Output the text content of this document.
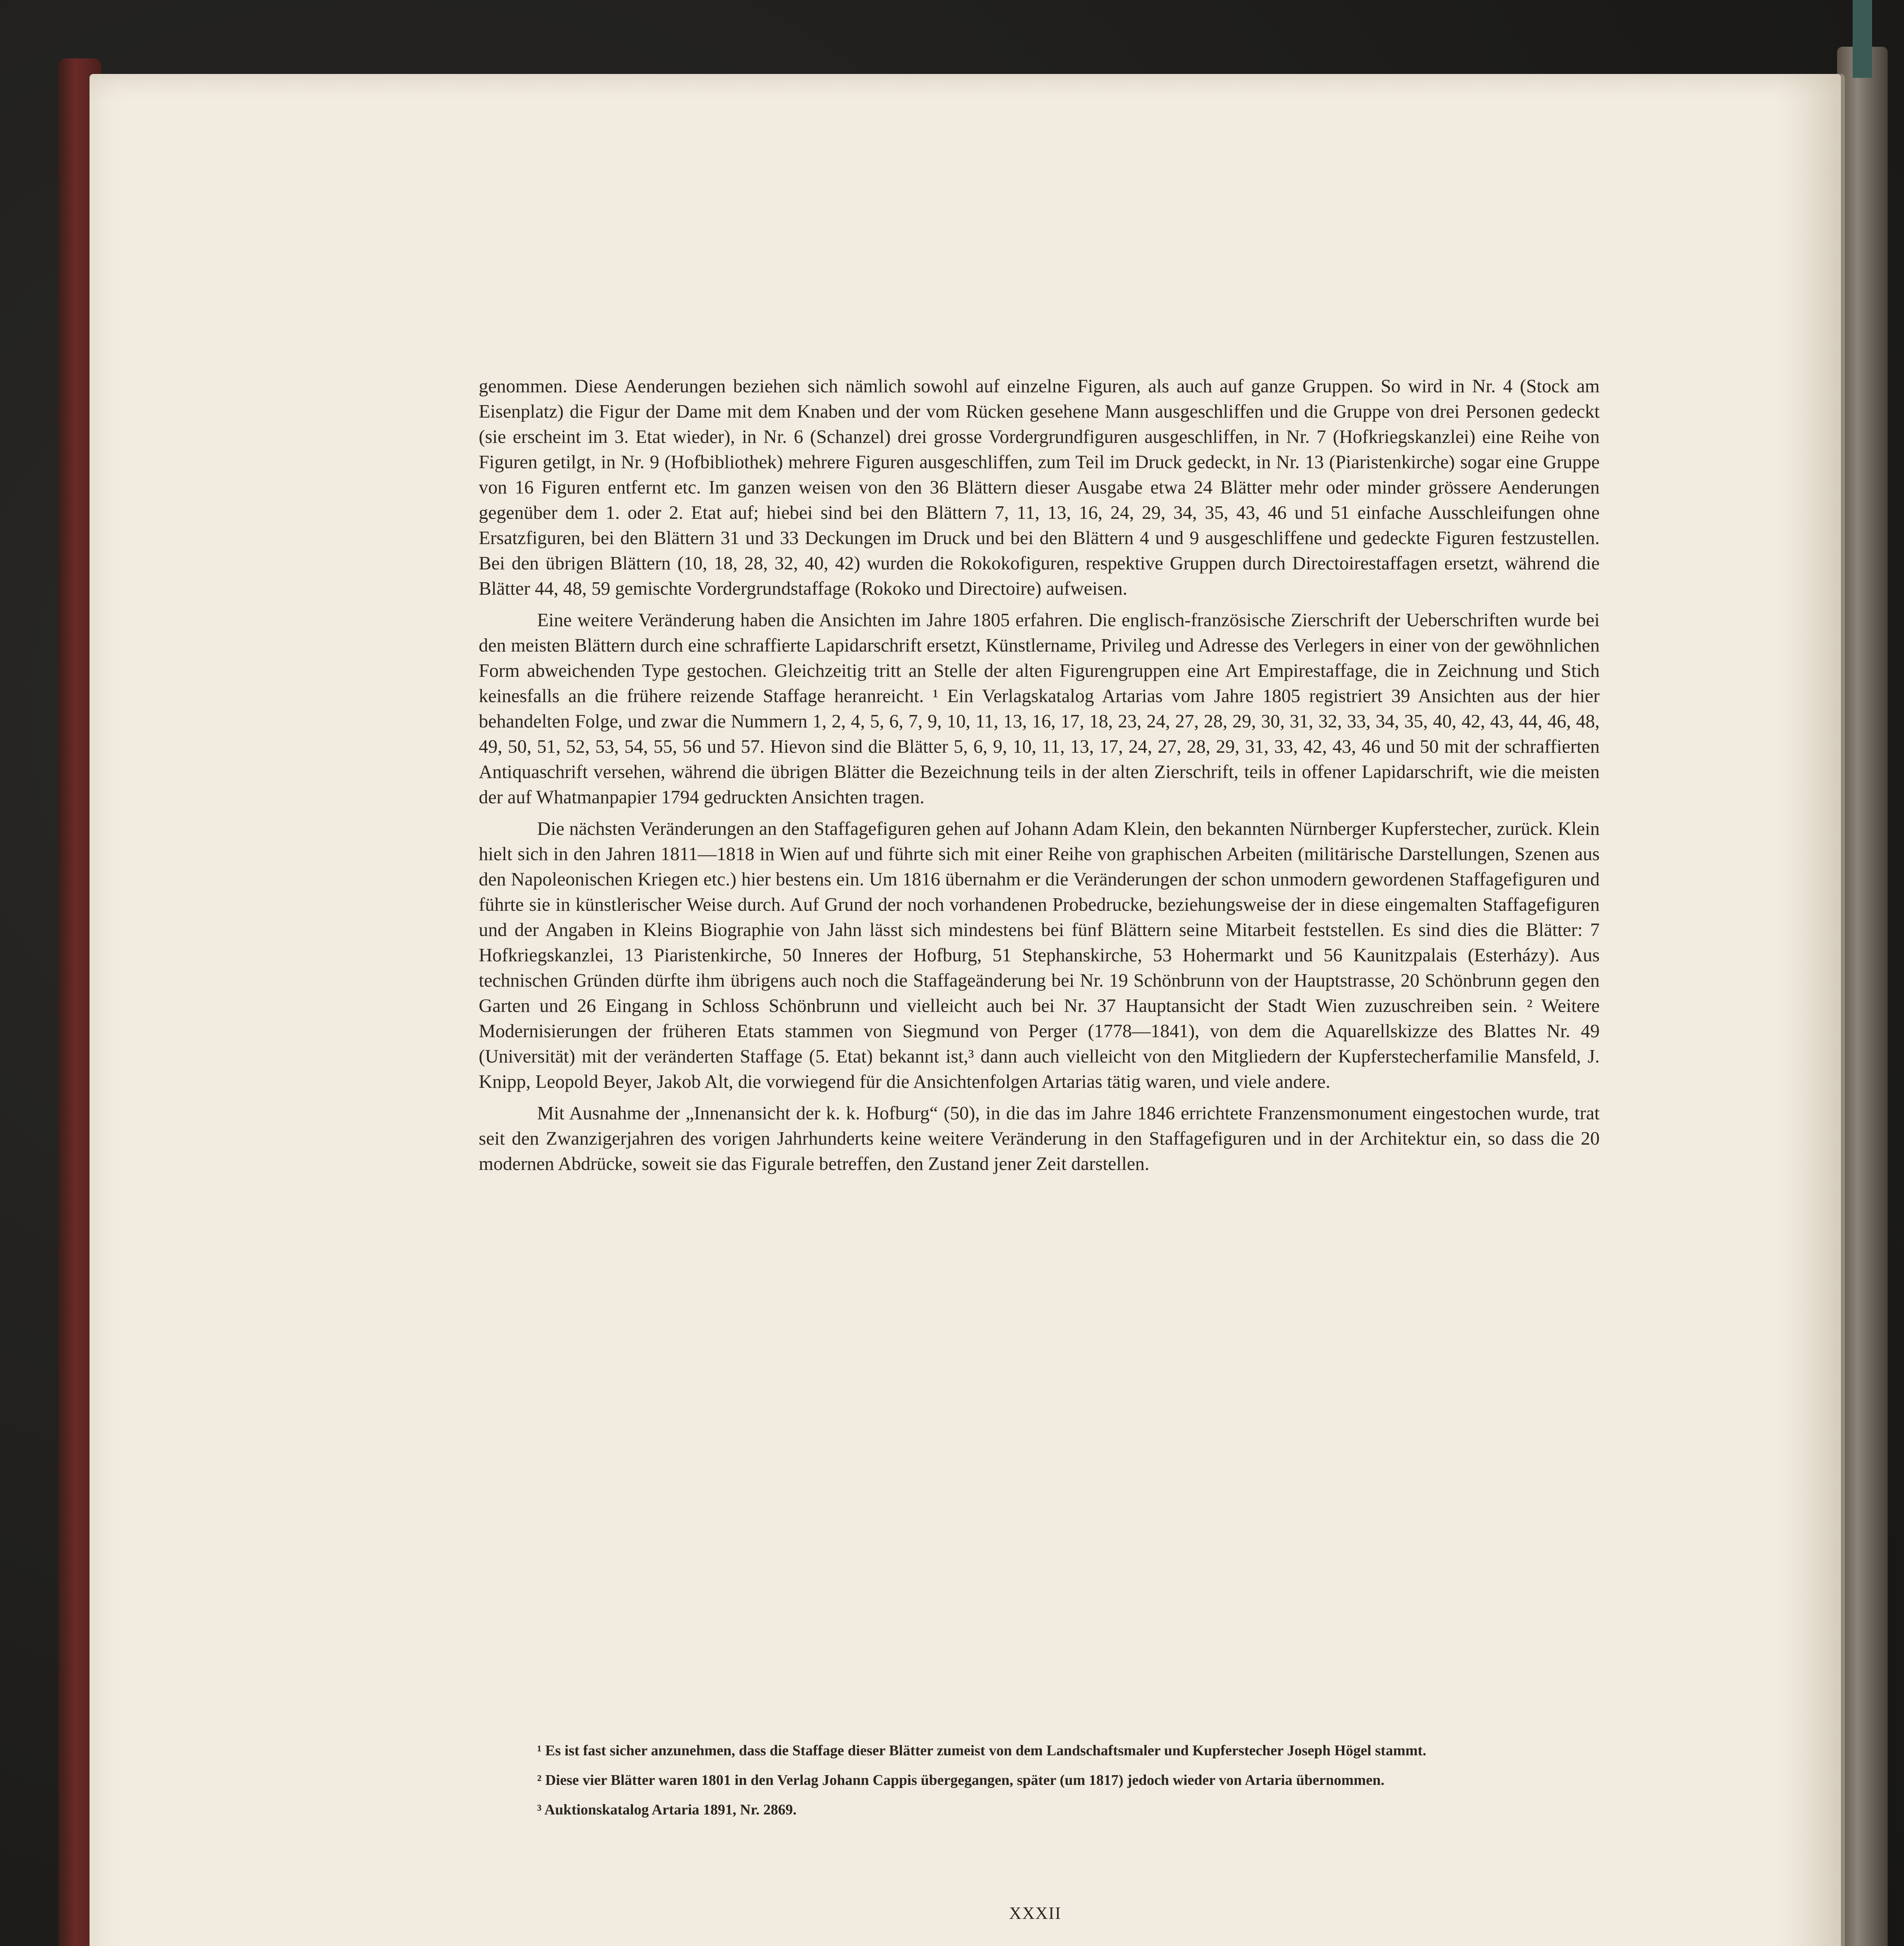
genommen. Diese Aenderungen beziehen sich nämlich sowohl auf einzelne Figuren, als auch auf ganze Gruppen. So wird in Nr. 4 (Stock am Eisenplatz) die Figur der Dame mit dem Knaben und der vom Rücken gesehene Mann ausgeschliffen und die Gruppe von drei Personen gedeckt (sie erscheint im 3. Etat wieder), in Nr. 6 (Schanzel) drei grosse Vordergrundfiguren ausgeschliffen, in Nr. 7 (Hofkriegskanzlei) eine Reihe von Figuren getilgt, in Nr. 9 (Hofbibliothek) mehrere Figuren ausgeschliffen, zum Teil im Druck gedeckt, in Nr. 13 (Piaristenkirche) sogar eine Gruppe von 16 Figuren entfernt etc. Im ganzen weisen von den 36 Blättern dieser Ausgabe etwa 24 Blätter mehr oder minder grössere Aenderungen gegenüber dem 1. oder 2. Etat auf; hiebei sind bei den Blättern 7, 11, 13, 16, 24, 29, 34, 35, 43, 46 und 51 einfache Ausschleifungen ohne Ersatzfiguren, bei den Blättern 31 und 33 Deckungen im Druck und bei den Blättern 4 und 9 ausgeschliffene und gedeckte Figuren festzustellen. Bei den übrigen Blättern (10, 18, 28, 32, 40, 42) wurden die Rokokofiguren, respektive Gruppen durch Directoirestaffagen ersetzt, während die Blätter 44, 48, 59 gemischte Vordergrundstaffage (Rokoko und Directoire) aufweisen.

Eine weitere Veränderung haben die Ansichten im Jahre 1805 erfahren. Die englisch-französische Zierschrift der Ueberschriften wurde bei den meisten Blättern durch eine schraffierte Lapidarschrift ersetzt, Künstlername, Privileg und Adresse des Verlegers in einer von der gewöhnlichen Form abweichenden Type gestochen. Gleichzeitig tritt an Stelle der alten Figurengruppen eine Art Empirestaffage, die in Zeichnung und Stich keinesfalls an die frühere reizende Staffage heranreicht. ¹ Ein Verlagskatalog Artarias vom Jahre 1805 registriert 39 Ansichten aus der hier behandelten Folge, und zwar die Nummern 1, 2, 4, 5, 6, 7, 9, 10, 11, 13, 16, 17, 18, 23, 24, 27, 28, 29, 30, 31, 32, 33, 34, 35, 40, 42, 43, 44, 46, 48, 49, 50, 51, 52, 53, 54, 55, 56 und 57. Hievon sind die Blätter 5, 6, 9, 10, 11, 13, 17, 24, 27, 28, 29, 31, 33, 42, 43, 46 und 50 mit der schraffierten Antiquaschrift versehen, während die übrigen Blätter die Bezeichnung teils in der alten Zierschrift, teils in offener Lapidarschrift, wie die meisten der auf Whatmanpapier 1794 gedruckten Ansichten tragen.

Die nächsten Veränderungen an den Staffagefiguren gehen auf Johann Adam Klein, den bekannten Nürnberger Kupferstecher, zurück. Klein hielt sich in den Jahren 1811—1818 in Wien auf und führte sich mit einer Reihe von graphischen Arbeiten (militärische Darstellungen, Szenen aus den Napoleonischen Kriegen etc.) hier bestens ein. Um 1816 übernahm er die Veränderungen der schon unmodern gewordenen Staffagefiguren und führte sie in künstlerischer Weise durch. Auf Grund der noch vorhandenen Probedrucke, beziehungsweise der in diese eingemalten Staffagefiguren und der Angaben in Kleins Biographie von Jahn lässt sich mindestens bei fünf Blättern seine Mitarbeit feststellen. Es sind dies die Blätter: 7 Hofkriegskanzlei, 13 Piaristenkirche, 50 Inneres der Hofburg, 51 Stephanskirche, 53 Hohermarkt und 56 Kaunitzpalais (Esterházy). Aus technischen Gründen dürfte ihm übrigens auch noch die Staffageänderung bei Nr. 19 Schönbrunn von der Hauptstrasse, 20 Schönbrunn gegen den Garten und 26 Eingang in Schloss Schönbrunn und vielleicht auch bei Nr. 37 Hauptansicht der Stadt Wien zuzuschreiben sein. ² Weitere Modernisierungen der früheren Etats stammen von Siegmund von Perger (1778—1841), von dem die Aquarellskizze des Blattes Nr. 49 (Universität) mit der veränderten Staffage (5. Etat) bekannt ist,³ dann auch vielleicht von den Mitgliedern der Kupferstecherfamilie Mansfeld, J. Knipp, Leopold Beyer, Jakob Alt, die vorwiegend für die Ansichtenfolgen Artarias tätig waren, und viele andere.

Mit Ausnahme der „Innenansicht der k. k. Hofburg“ (50), in die das im Jahre 1846 errichtete Franzensmonument eingestochen wurde, trat seit den Zwanzigerjahren des vorigen Jahrhunderts keine weitere Veränderung in den Staffagefiguren und in der Architektur ein, so dass die 20 modernen Abdrücke, soweit sie das Figurale betreffen, den Zustand jener Zeit darstellen.

¹ Es ist fast sicher anzunehmen, dass die Staffage dieser Blätter zumeist von dem Landschaftsmaler und Kupferstecher Joseph Högel stammt.

² Diese vier Blätter waren 1801 in den Verlag Johann Cappis übergegangen, später (um 1817) jedoch wieder von Artaria übernommen.

³ Auktionskatalog Artaria 1891, Nr. 2869.

XXXII
